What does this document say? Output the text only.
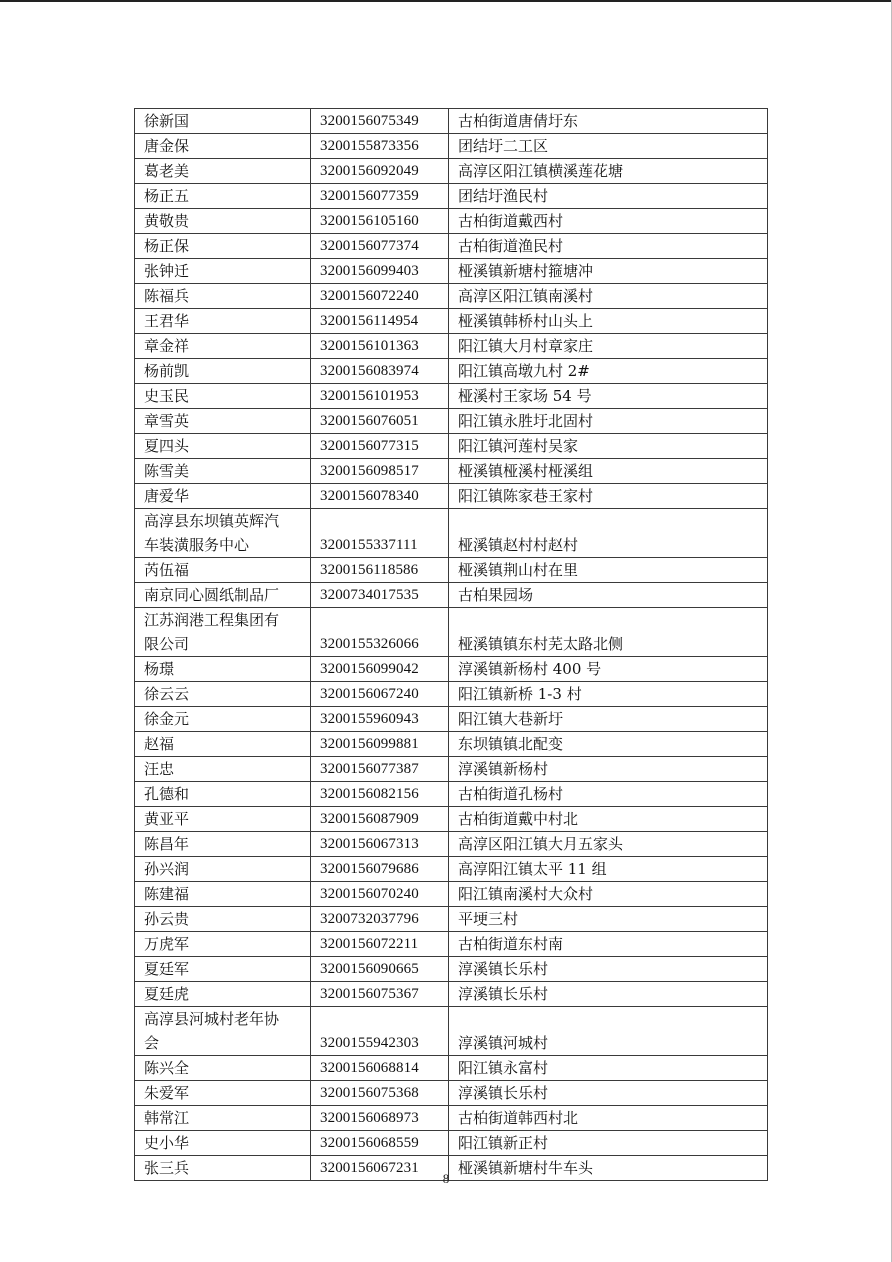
徐新国	3200156075349	古柏街道唐倩圩东
唐金保	3200155873356	团结圩二工区
葛老美	3200156092049	高淳区阳江镇横溪莲花塘
杨正五	3200156077359	团结圩渔民村
黄敬贵	3200156105160	古柏街道戴西村
杨正保	3200156077374	古柏街道渔民村
张钟迁	3200156099403	桠溪镇新塘村箍塘冲
陈福兵	3200156072240	高淳区阳江镇南溪村
王君华	3200156114954	桠溪镇韩桥村山头上
章金祥	3200156101363	阳江镇大月村章家庄
杨前凯	3200156083974	阳江镇高墩九村 2#
史玉民	3200156101953	桠溪村王家场 54 号
章雪英	3200156076051	阳江镇永胜圩北固村
夏四头	3200156077315	阳江镇河莲村吴家
陈雪美	3200156098517	桠溪镇桠溪村桠溪组
唐爱华	3200156078340	阳江镇陈家巷王家村
高淳县东坝镇英辉汽
车装潢服务中心	3200155337111	桠溪镇赵村村赵村
芮伍福	3200156118586	桠溪镇荆山村在里
南京同心圆纸制品厂	3200734017535	古柏果园场
江苏润港工程集团有
限公司	3200155326066	桠溪镇镇东村芜太路北侧
杨璟	3200156099042	淳溪镇新杨村 400 号
徐云云	3200156067240	阳江镇新桥 1-3 村
徐金元	3200155960943	阳江镇大巷新圩
赵福	3200156099881	东坝镇镇北配变
汪忠	3200156077387	淳溪镇新杨村
孔德和	3200156082156	古柏街道孔杨村
黄亚平	3200156087909	古柏街道戴中村北
陈昌年	3200156067313	高淳区阳江镇大月五家头
孙兴润	3200156079686	高淳阳江镇太平 11 组
陈建福	3200156070240	阳江镇南溪村大众村
孙云贵	3200732037796	平埂三村
万虎军	3200156072211	古柏街道东村南
夏廷军	3200156090665	淳溪镇长乐村
夏廷虎	3200156075367	淳溪镇长乐村
高淳县河城村老年协
会	3200155942303	淳溪镇河城村
陈兴全	3200156068814	阳江镇永富村
朱爱军	3200156075368	淳溪镇长乐村
韩常江	3200156068973	古柏街道韩西村北
史小华	3200156068559	阳江镇新正村
张三兵	3200156067231	桠溪镇新塘村牛车头
8
